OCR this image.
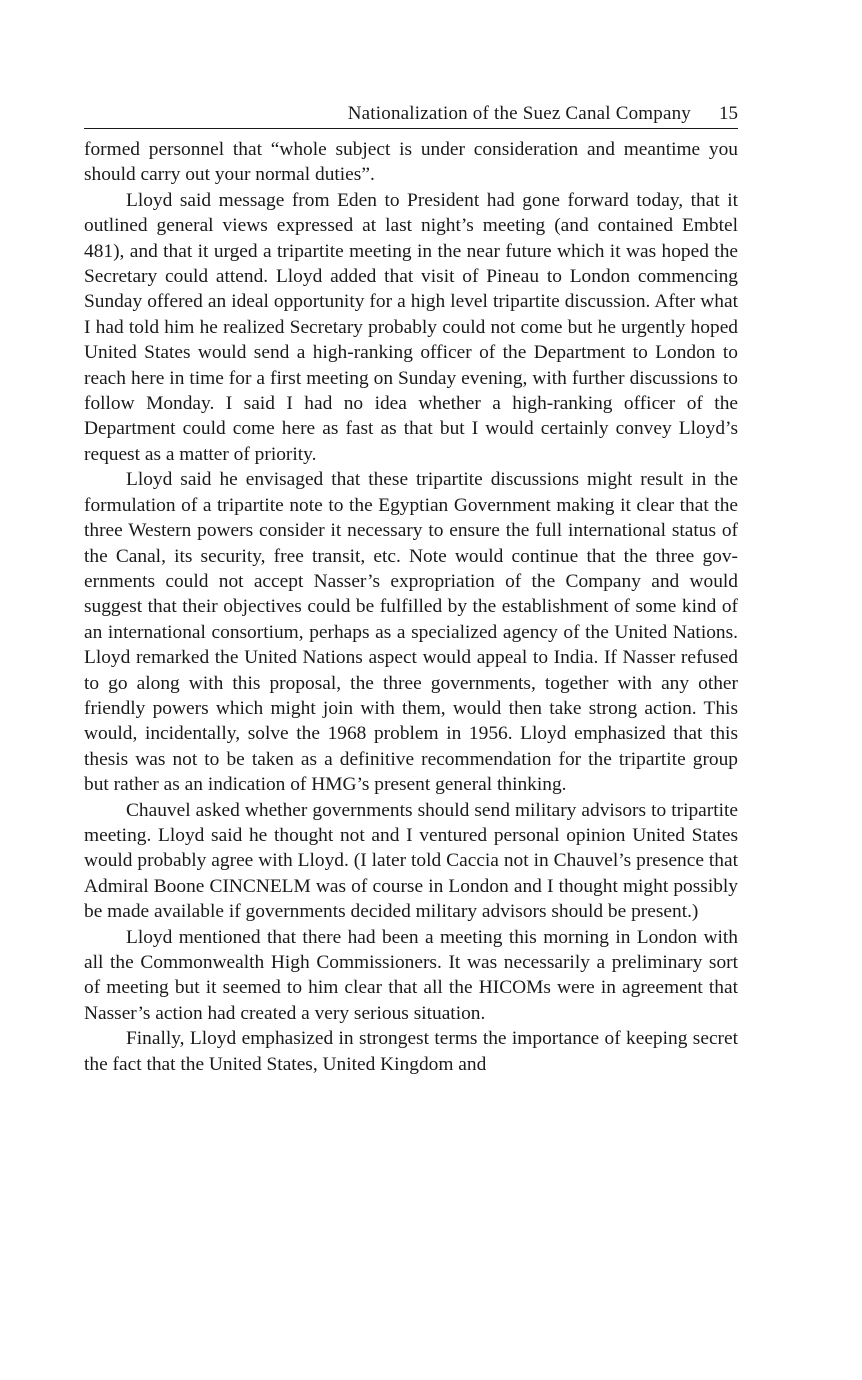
Nationalization of the Suez Canal Company 15

formed personnel that “whole subject is under consideration and meantime you should carry out your normal duties”.

Lloyd said message from Eden to President had gone forward today, that it outlined general views expressed at last night’s meeting (and contained Embtel 481), and that it urged a tripartite meeting in the near future which it was hoped the Secretary could attend. Lloyd added that visit of Pineau to London commencing Sunday offered an ideal opportunity for a high level tripartite discussion. After what I had told him he realized Secretary probably could not come but he urgently hoped United States would send a high-ranking officer of the Department to London to reach here in time for a first meeting on Sunday evening, with further discussions to follow Monday. I said I had no idea whether a high-ranking officer of the Department could come here as fast as that but I would certainly convey Lloyd’s request as a matter of priority.

Lloyd said he envisaged that these tripartite discussions might result in the formulation of a tripartite note to the Egyptian Government making it clear that the three Western powers consider it necessary to ensure the full international status of the Canal, its security, free transit, etc. Note would continue that the three governments could not accept Nasser’s expropriation of the Company and would suggest that their objectives could be fulfilled by the establishment of some kind of an international consortium, perhaps as a specialized agency of the United Nations. Lloyd remarked the United Nations aspect would appeal to India. If Nasser refused to go along with this proposal, the three governments, together with any other friendly powers which might join with them, would then take strong action. This would, incidentally, solve the 1968 problem in 1956. Lloyd emphasized that this thesis was not to be taken as a definitive recommendation for the tripartite group but rather as an indication of HMG’s present general thinking.

Chauvel asked whether governments should send military advisors to tripartite meeting. Lloyd said he thought not and I ventured personal opinion United States would probably agree with Lloyd. (I later told Caccia not in Chauvel’s presence that Admiral Boone CINCNELM was of course in London and I thought might possibly be made available if governments decided military advisors should be present.)

Lloyd mentioned that there had been a meeting this morning in London with all the Commonwealth High Commissioners. It was necessarily a preliminary sort of meeting but it seemed to him clear that all the HICOMs were in agreement that Nasser’s action had created a very serious situation.

Finally, Lloyd emphasized in strongest terms the importance of keeping secret the fact that the United States, United Kingdom and
